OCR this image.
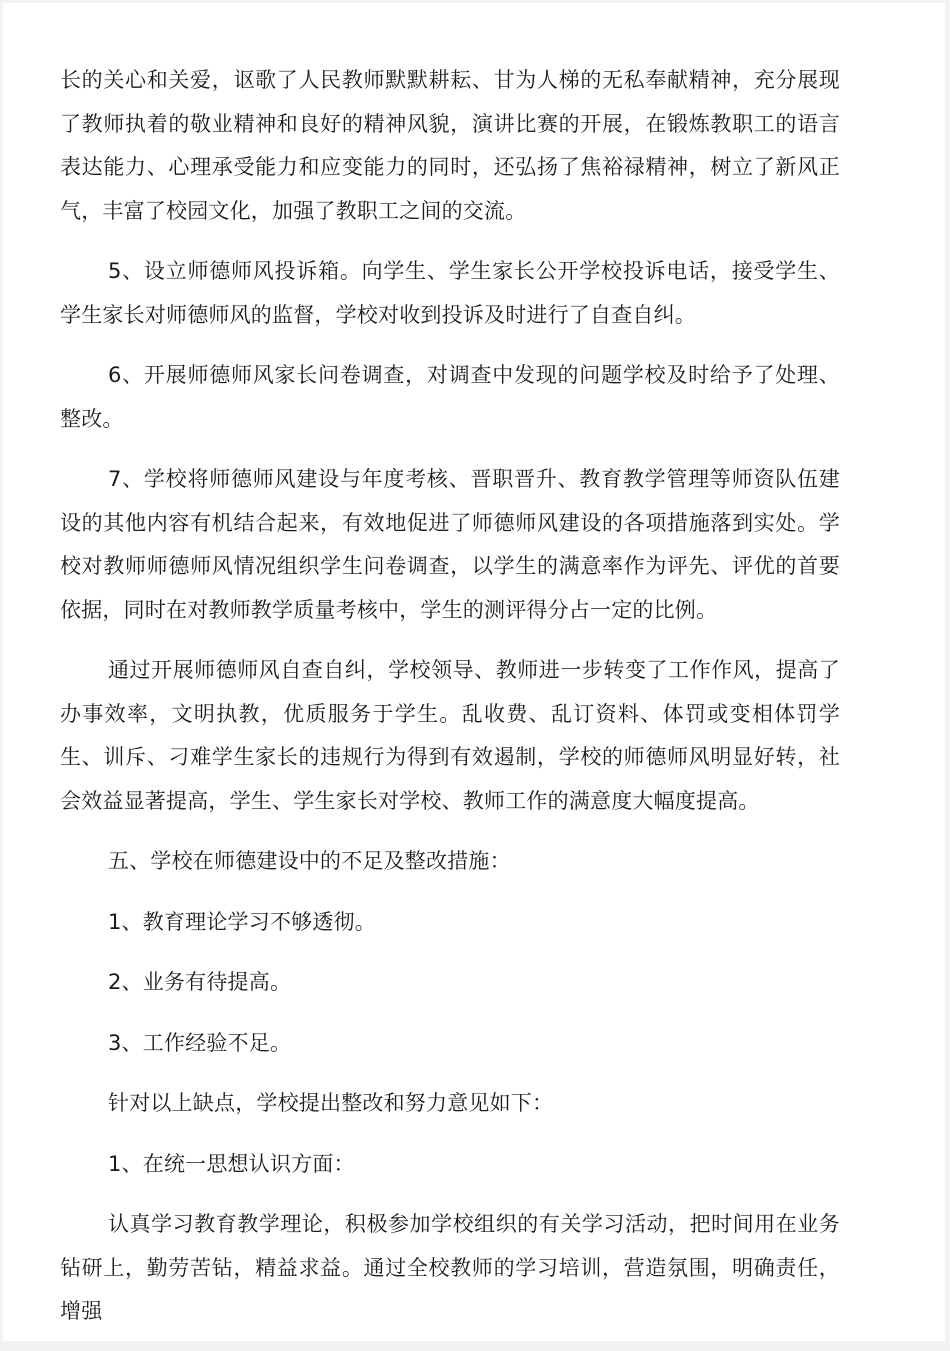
长的关心和关爱，讴歌了人民教师默默耕耘、甘为人梯的无私奉献精神，充分展现了教师执着的敬业精神和良好的精神风貌，演讲比赛的开展，在锻炼教职工的语言表达能力、心理承受能力和应变能力的同时，还弘扬了焦裕禄精神，树立了新风正气，丰富了校园文化，加强了教职工之间的交流。

5、设立师德师风投诉箱。向学生、学生家长公开学校投诉电话，接受学生、学生家长对师德师风的监督，学校对收到投诉及时进行了自查自纠。

6、开展师德师风家长问卷调查，对调查中发现的问题学校及时给予了处理、整改。

7、学校将师德师风建设与年度考核、晋职晋升、教育教学管理等师资队伍建设的其他内容有机结合起来，有效地促进了师德师风建设的各项措施落到实处。学校对教师师德师风情况组织学生问卷调查，以学生的满意率作为评先、评优的首要依据，同时在对教师教学质量考核中，学生的测评得分占一定的比例。

通过开展师德师风自查自纠，学校领导、教师进一步转变了工作作风，提高了办事效率，文明执教，优质服务于学生。乱收费、乱订资料、体罚或变相体罚学生、训斥、刁难学生家长的违规行为得到有效遏制，学校的师德师风明显好转，社会效益显著提高，学生、学生家长对学校、教师工作的满意度大幅度提高。

五、学校在师德建设中的不足及整改措施：

1、教育理论学习不够透彻。

2、业务有待提高。

3、工作经验不足。

针对以上缺点，学校提出整改和努力意见如下：

1、在统一思想认识方面：

认真学习教育教学理论，积极参加学校组织的有关学习活动，把时间用在业务钻研上，勤劳苦钻，精益求益。通过全校教师的学习培训，营造氛围，明确责任，增强
